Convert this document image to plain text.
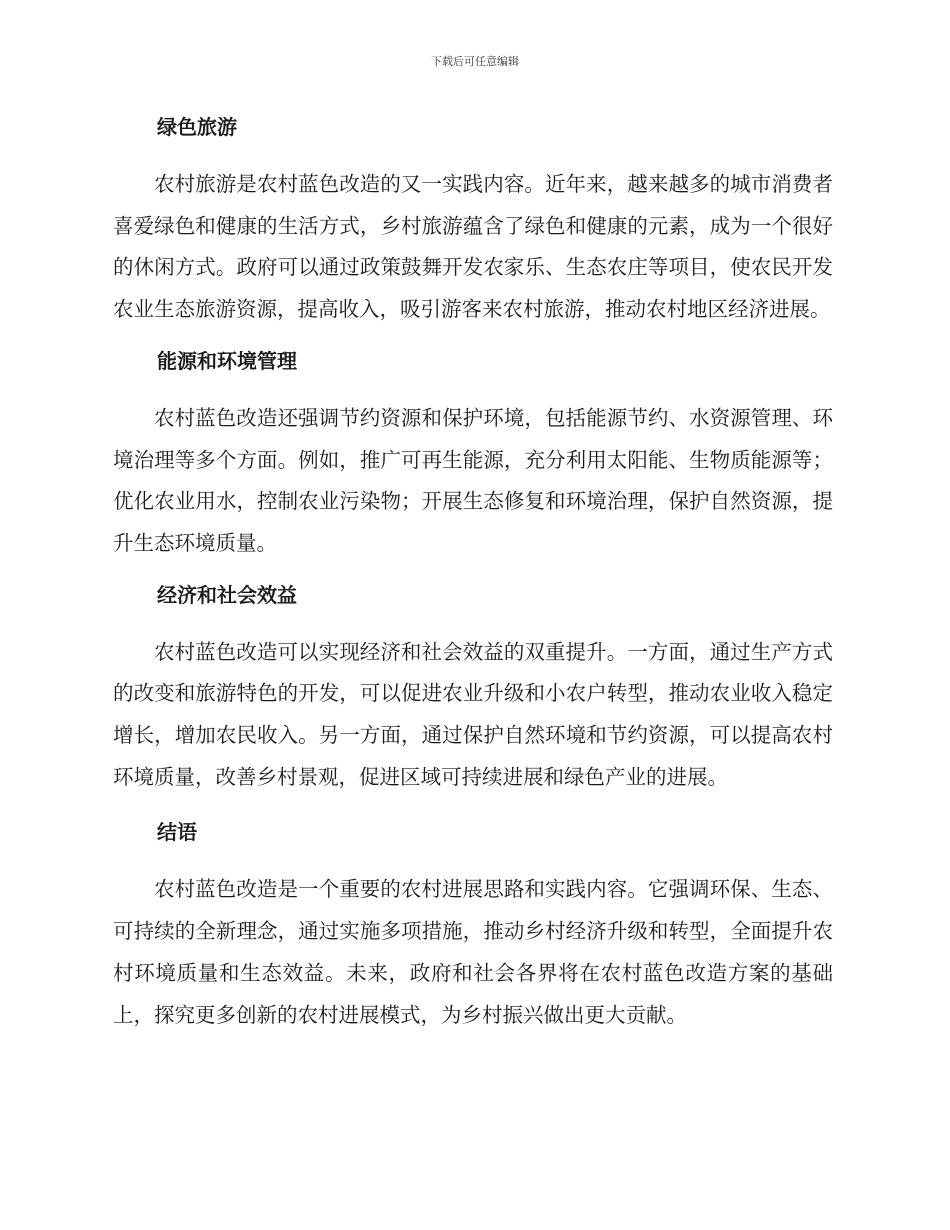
下载后可任意编辑
绿色旅游

农村旅游是农村蓝色改造的又一实践内容。近年来，越来越多的城市消费者喜爱绿色和健康的生活方式，乡村旅游蕴含了绿色和健康的元素，成为一个很好的休闲方式。政府可以通过政策鼓舞开发农家乐、生态农庄等项目，使农民开发农业生态旅游资源，提高收入，吸引游客来农村旅游，推动农村地区经济进展。

能源和环境管理

农村蓝色改造还强调节约资源和保护环境，包括能源节约、水资源管理、环境治理等多个方面。例如，推广可再生能源，充分利用太阳能、生物质能源等；优化农业用水，控制农业污染物；开展生态修复和环境治理，保护自然资源，提升生态环境质量。

经济和社会效益

农村蓝色改造可以实现经济和社会效益的双重提升。一方面，通过生产方式的改变和旅游特色的开发，可以促进农业升级和小农户转型，推动农业收入稳定增长，增加农民收入。另一方面，通过保护自然环境和节约资源，可以提高农村环境质量，改善乡村景观，促进区域可持续进展和绿色产业的进展。

结语

农村蓝色改造是一个重要的农村进展思路和实践内容。它强调环保、生态、可持续的全新理念，通过实施多项措施，推动乡村经济升级和转型，全面提升农村环境质量和生态效益。未来，政府和社会各界将在农村蓝色改造方案的基础上，探究更多创新的农村进展模式，为乡村振兴做出更大贡献。
